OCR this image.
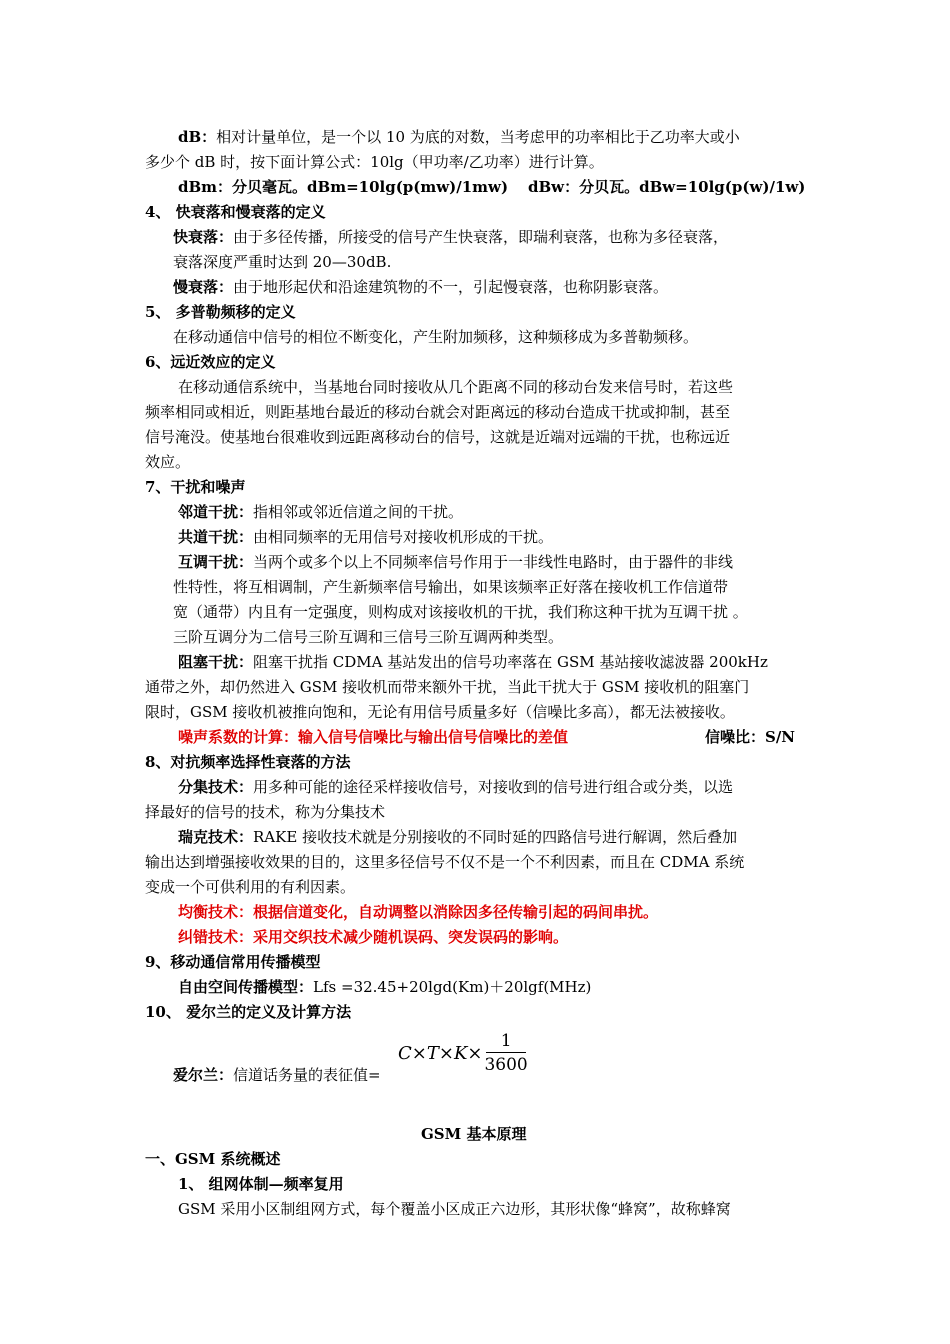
dB：相对计量单位，是一个以 10 为底的对数，当考虑甲的功率相比于乙功率大或小
多少个 dB 时，按下面计算公式：10lg（甲功率/乙功率）进行计算。
dBm：分贝毫瓦。dBm=10lg(p(mw)/1mw) dBw：分贝瓦。dBw=10lg(p(w)/1w)
4、 快衰落和慢衰落的定义
快衰落：由于多径传播，所接受的信号产生快衰落，即瑞利衰落，也称为多径衰落，
衰落深度严重时达到 20—30dB.
慢衰落：由于地形起伏和沿途建筑物的不一，引起慢衰落，也称阴影衰落。
5、 多普勒频移的定义
在移动通信中信号的相位不断变化，产生附加频移，这种频移成为多普勒频移。
6、远近效应的定义
在移动通信系统中，当基地台同时接收从几个距离不同的移动台发来信号时，若这些
频率相同或相近，则距基地台最近的移动台就会对距离远的移动台造成干扰或抑制，甚至
信号淹没。使基地台很难收到远距离移动台的信号，这就是近端对远端的干扰，也称远近
效应。
7、干扰和噪声
邻道干扰：指相邻或邻近信道之间的干扰。
共道干扰：由相同频率的无用信号对接收机形成的干扰。
互调干扰：当两个或多个以上不同频率信号作用于一非线性电路时，由于器件的非线
性特性，将互相调制，产生新频率信号输出，如果该频率正好落在接收机工作信道带
宽（通带）内且有一定强度，则构成对该接收机的干扰，我们称这种干扰为互调干扰 。
三阶互调分为二信号三阶互调和三信号三阶互调两种类型。
阻塞干扰：阻塞干扰指 CDMA 基站发出的信号功率落在 GSM 基站接收滤波器 200kHz
通带之外，却仍然进入 GSM 接收机而带来额外干扰，当此干扰大于 GSM 接收机的阻塞门
限时，GSM 接收机被推向饱和，无论有用信号质量多好（信噪比多高），都无法被接收。
噪声系数的计算：输入信号信噪比与输出信号信噪比的差值	信噪比：S/N
8、对抗频率选择性衰落的方法
分集技术：用多种可能的途径采样接收信号，对接收到的信号进行组合或分类，以选
择最好的信号的技术，称为分集技术
瑞克技术：RAKE 接收技术就是分别接收的不同时延的四路信号进行解调，然后叠加
输出达到增强接收效果的目的，这里多径信号不仅不是一个不利因素，而且在 CDMA 系统
变成一个可供利用的有利因素。
均衡技术：根据信道变化，自动调整以消除因多径传输引起的码间串扰。
纠错技术：采用交织技术减少随机误码、突发误码的影响。
9、移动通信常用传播模型
自由空间传播模型：Lfs =32.45+20lgd(Km)＋20lgf(MHz)
10、 爱尔兰的定义及计算方法
$C\times T\times K\times \frac{1}{3600}$
爱尔兰：信道话务量的表征值=
GSM 基本原理
一、GSM 系统概述
1、 组网体制—频率复用
GSM 采用小区制组网方式，每个覆盖小区成正六边形，其形状像“蜂窝”，故称蜂窝
